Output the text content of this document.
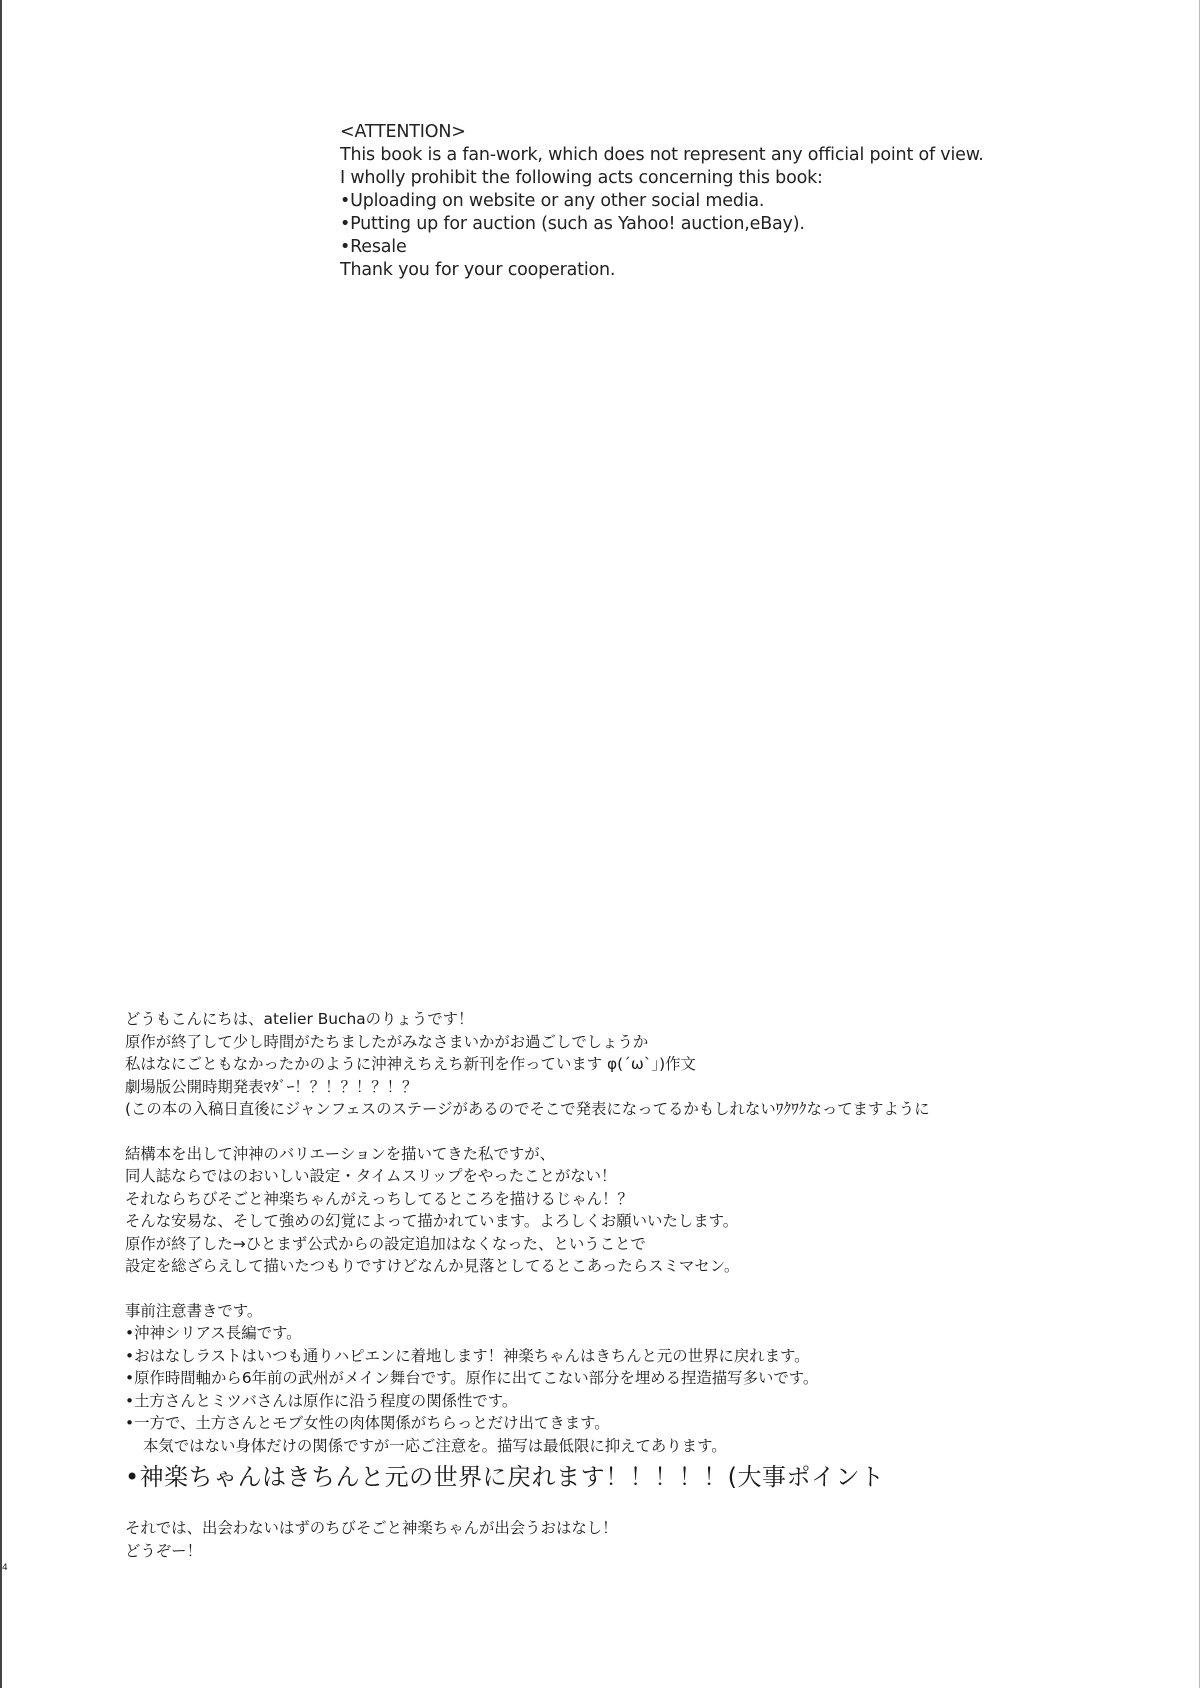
<ATTENTION>
This book is a fan-work, which does not represent any official point of view.
I wholly prohibit the following acts concerning this book:
•Uploading on website or any other social media.
•Putting up for auction (such as Yahoo! auction,eBay).
•Resale
Thank you for your cooperation.
どうもこんにちは、atelier Buchaのりょうです！
原作が終了して少し時間がたちましたがみなさまいかがお過ごしでしょうか
私はなにごともなかったかのように沖神えちえち新刊を作っています φ(´ω`」)作文
劇場版公開時期発表ﾏﾀﾞｰ！？！？！？！？
(この本の入稿日直後にジャンフェスのステージがあるのでそこで発表になってるかもしれないﾜｸﾜｸなってますように
結構本を出して沖神のバリエーションを描いてきた私ですが、
同人誌ならではのおいしい設定・タイムスリップをやったことがない！
それならちびそごと神楽ちゃんがえっちしてるところを描けるじゃん！？
そんな安易な、そして強めの幻覚によって描かれています。よろしくお願いいたします。
原作が終了した→ひとまず公式からの設定追加はなくなった、ということで
設定を総ざらえして描いたつもりですけどなんか見落としてるとこあったらスミマセン。
事前注意書きです。
•沖神シリアス長編です。
•おはなしラストはいつも通りハピエンに着地します！神楽ちゃんはきちんと元の世界に戻れます。
•原作時間軸から6年前の武州がメイン舞台です。原作に出てこない部分を埋める捏造描写多いです。
•土方さんとミツバさんは原作に沿う程度の関係性です。
•一方で、土方さんとモブ女性の肉体関係がちらっとだけ出てきます。
本気ではない身体だけの関係ですが一応ご注意を。描写は最低限に抑えてあります。
•神楽ちゃんはきちんと元の世界に戻れます！！！！！(大事ポイント
それでは、出会わないはずのちびそごと神楽ちゃんが出会うおはなし！
どうぞー！
4
